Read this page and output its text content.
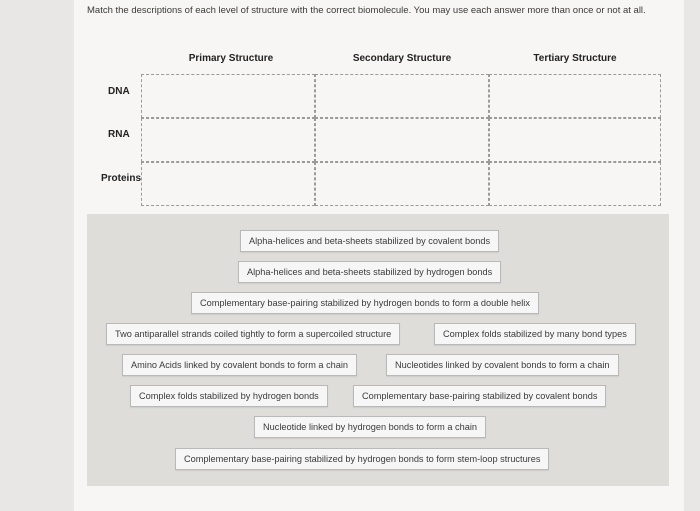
Match the descriptions of each level of structure with the correct biomolecule. You may use each answer more than once or not at all.
Primary Structure	Secondary Structure	Tertiary Structure
DNA
RNA
Proteins
Alpha-helices and beta-sheets stabilized by covalent bonds
Alpha-helices and beta-sheets stabilized by hydrogen bonds
Complementary base-pairing stabilized by hydrogen bonds to form a double helix
Two antiparallel strands coiled tightly to form a supercoiled structure	Complex folds stabilized by many bond types
Amino Acids linked by covalent bonds to form a chain	Nucleotides linked by covalent bonds to form a chain
Complex folds stabilized by hydrogen bonds	Complementary base-pairing stabilized by covalent bonds
Nucleotide linked by hydrogen bonds to form a chain
Complementary base-pairing stabilized by hydrogen bonds to form stem-loop structures
